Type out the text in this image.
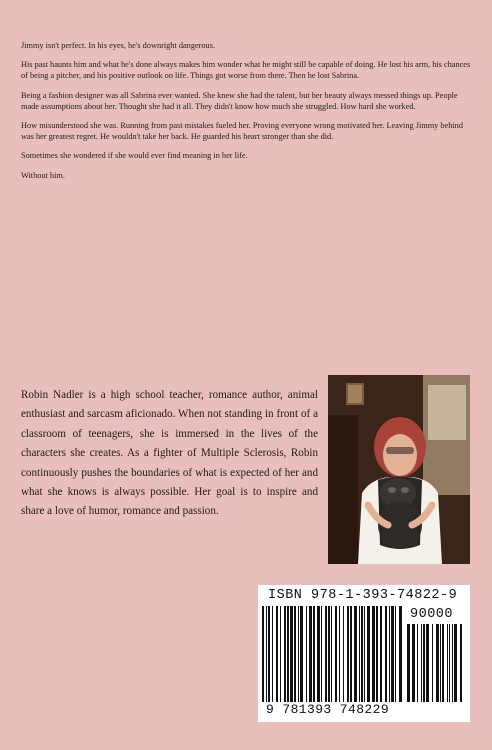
Jimmy isn't perfect. In his eyes, he's downright dangerous.

His past haunts him and what he's done always makes him wonder what he might still be capable of doing. He lost his arm, his chances of being a pitcher, and his positive outlook on life. Things got worse from there. Then he lost Sabrina.

Being a fashion designer was all Sabrina ever wanted. She knew she had the talent, but her beauty always messed things up. People made assumptions about her. Thought she had it all. They didn't know how much she struggled. How hard she worked.

How misunderstood she was. Running from past mistakes fueled her. Proving everyone wrong motivated her. Leaving Jimmy behind was her greatest regret. He wouldn't take her back. He guarded his heart stronger than she did.

Sometimes she wondered if she would ever find meaning in her life.

Without him.

Robin Nadler is a high school teacher, romance author, animal enthusiast and sarcasm aficionado. When not standing in front of a classroom of teenagers, she is immersed in the lives of the characters she creates. As a fighter of Multiple Sclerosis, Robin continuously pushes the boundaries of what is expected of her and what she knows is always possible. Her goal is to inspire and share a love of humor, romance and passion.
ISBN 978-1-393-74822-9
90000
9 781393 748229
